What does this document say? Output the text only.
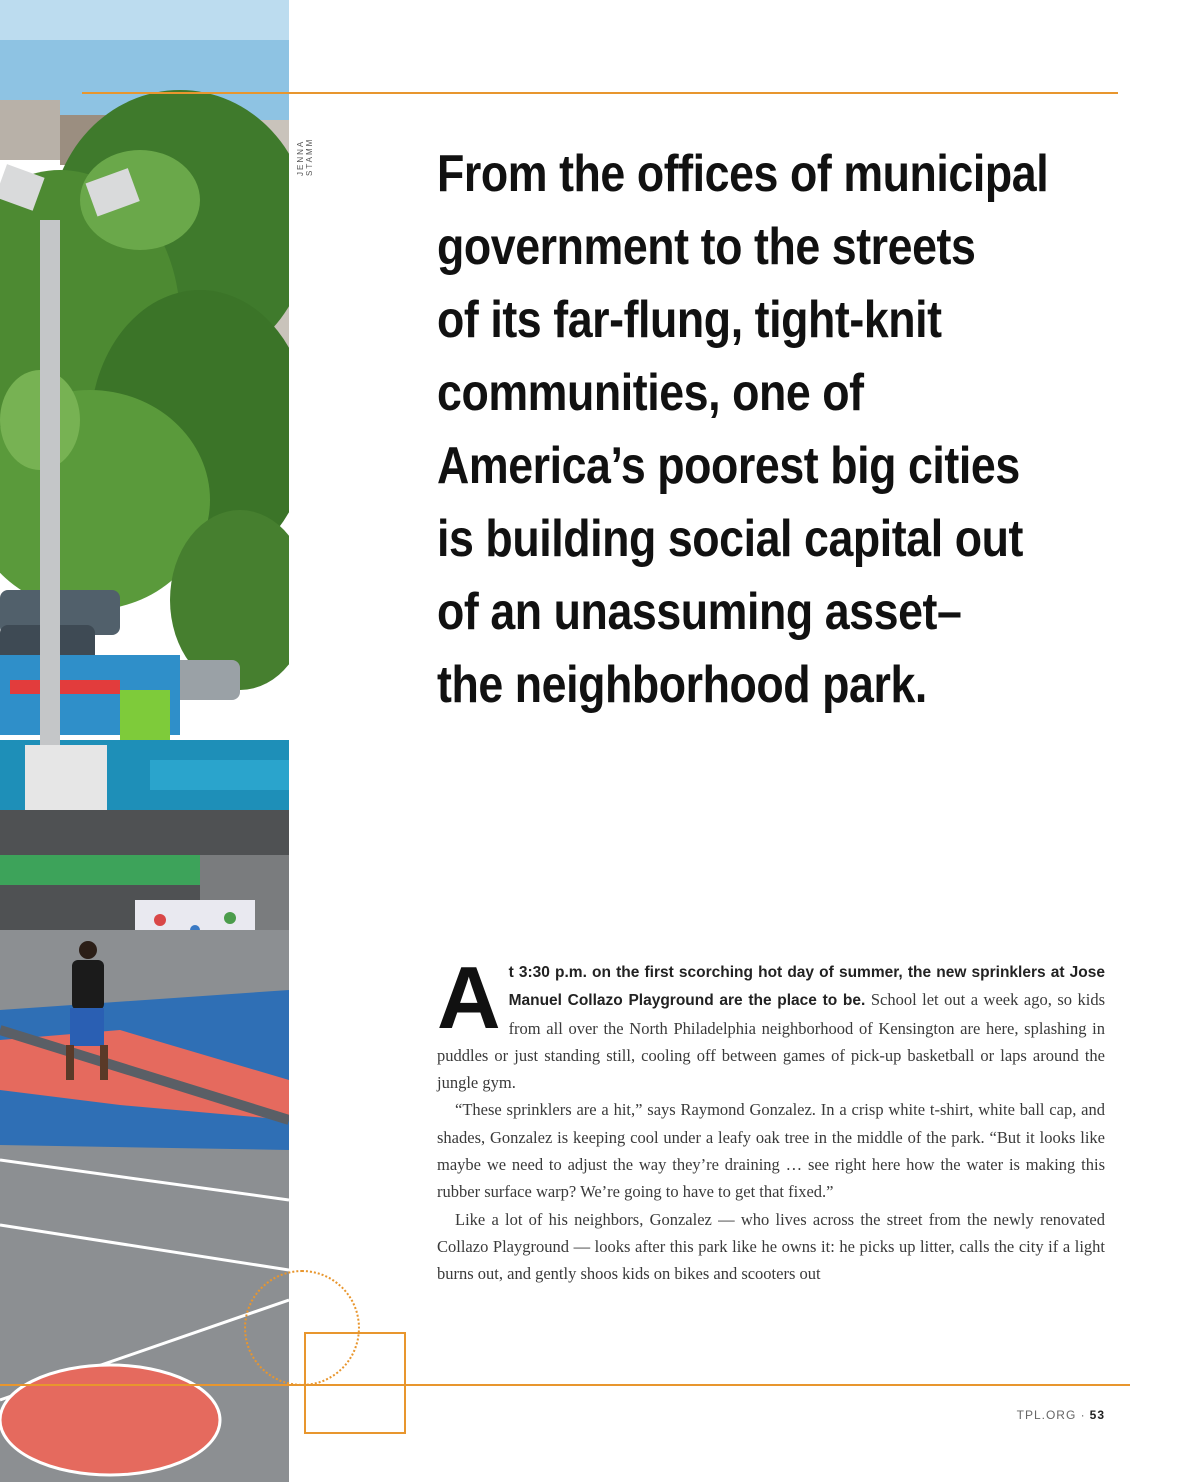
JENNA STAMM From the offices of municipal
government to the streets
of its far-flung, tight-knit
communities, one of
America’s poorest big cities
is building social capital out
of an unassuming asset–
the neighborhood park.

At 3:30 p.m. on the first scorching hot day of summer, the new sprinklers at Jose Manuel Collazo Playground are the place to be. School let out a week ago, so kids from all over the North Philadelphia neighborhood of Kensington are here, splashing in puddles or just standing still, cooling off between games of pick-up basketball or laps around the jungle gym.

“These sprinklers are a hit,” says Raymond Gonzalez. In a crisp white t-shirt, white ball cap, and shades, Gonzalez is keeping cool under a leafy oak tree in the middle of the park. “But it looks like maybe we need to adjust the way they’re draining … see right here how the water is making this rubber surface warp? We’re going to have to get that fixed.”

Like a lot of his neighbors, Gonzalez — who lives across the street from the newly renovated Collazo Playground — looks after this park like he owns it: he picks up litter, calls the city if a light burns out, and gently shoos kids on bikes and scooters out

TPL.ORG · 53
